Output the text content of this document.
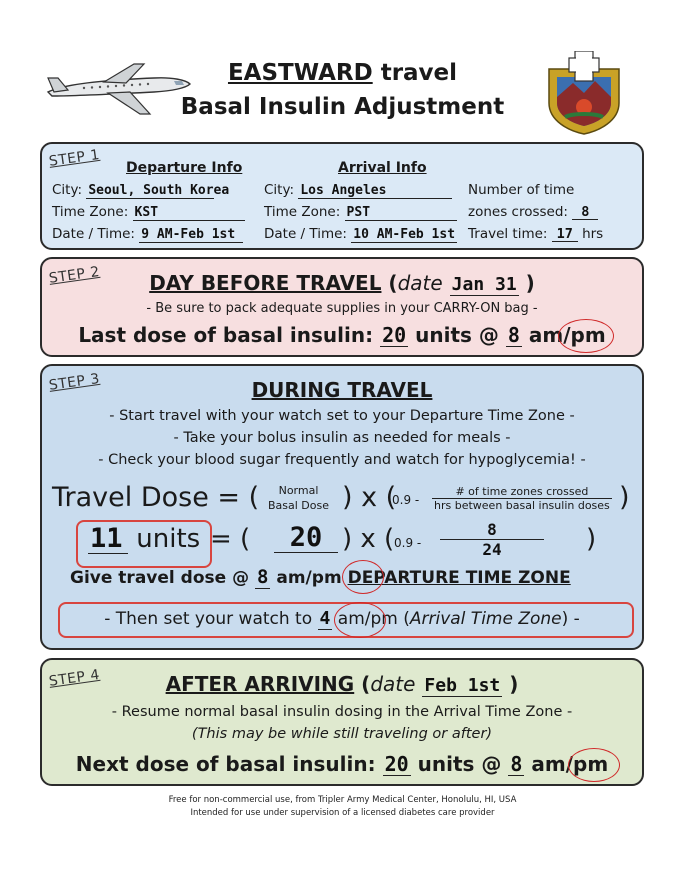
EASTWARD travel
Basal Insulin Adjustment
STEP 1 Departure Info	Arrival Info
City: Seoul, South Korea
Time Zone: KST
Date / Time: 9 AM-Feb 1st
City: Los Angeles
Time Zone: PST
Date / Time: 10 AM-Feb 1st
Number of time
zones crossed: 8
Travel time: 17 hrs
STEP 2	DAY BEFORE TRAVEL (date Jan 31 )
- Be sure to pack adequate supplies in your CARRY-ON bag -
Last dose of basal insulin: 20 units @ 8 am/pm
STEP 3	DURING TRAVEL
- Start travel with your watch set to your Departure Time Zone -
- Take your bolus insulin as needed for meals -
- Check your blood sugar frequently and watch for hypoglycemia! -
Travel Dose = (	Normal
Basal Dose ) x (
$0.9 - \frac{\text{\# of time zones crossed}}{\text{hrs between basal insulin doses}}$ )
11 units = (	20 ) x ( 0.9 -
8
24	)
Give travel dose @ 8 am/pm DEPARTURE TIME ZONE
- Then set your watch to 4 am/pm (Arrival Time Zone) -
STEP 4	AFTER ARRIVING (date Feb 1st )
- Resume normal basal insulin dosing in the Arrival Time Zone -
(This may be while still traveling or after)
Next dose of basal insulin: 20 units @ 8 am/pm
Free for non-commercial use, from Tripler Army Medical Center, Honolulu, HI, USA
Intended for use under supervision of a licensed diabetes care provider
